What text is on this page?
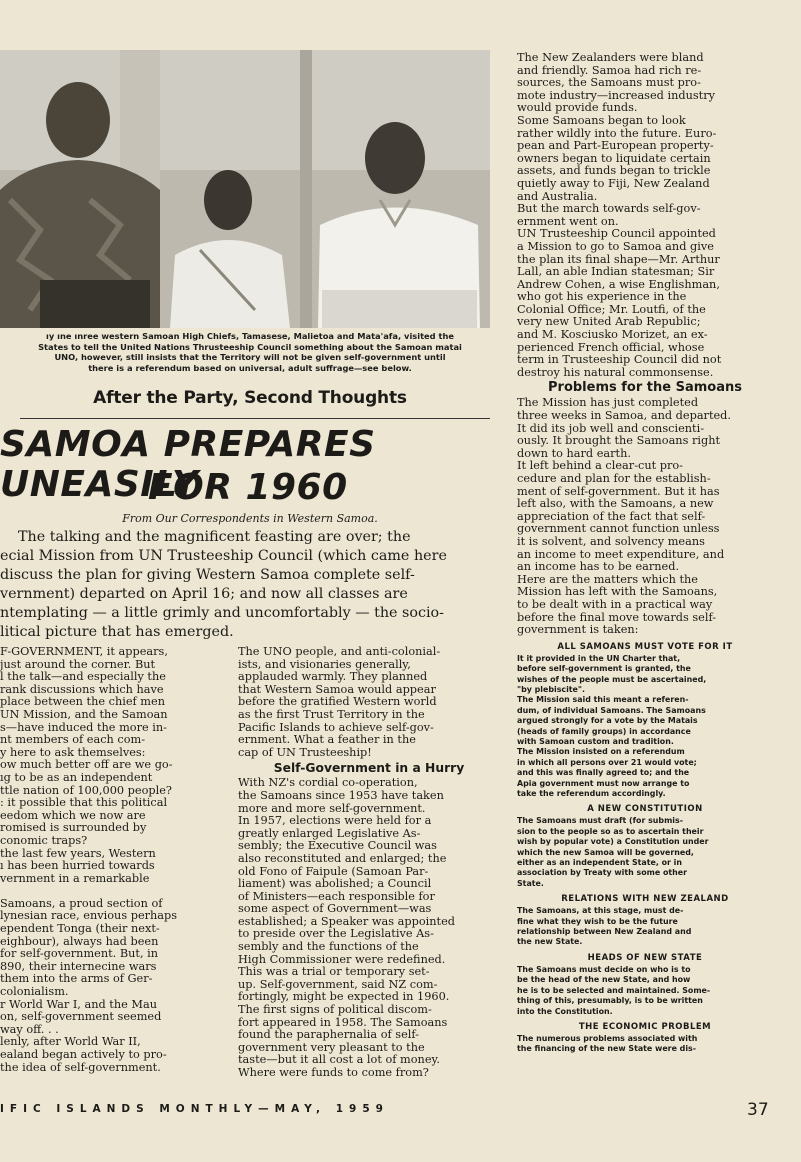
ıy ıne ınree western Samoan High Chiefs, Tamasese, Malietoa and Mata'afa, visited the
States to tell the United Nations Thrusteeship Council something about the Samoan matai
UNO, however, still insists that the Territory will not be given self-government until
there is a referendum based on universal, adult suffrage—see below.
After the Party, Second Thoughts
SAMOA PREPARES UNEASILY
FOR 1960
From Our Correspondents in Western Samoa.
The talking and the magnificent feasting are over; the
ecial Mission from UN Trusteeship Council (which came here
discuss the plan for giving Western Samoa complete self-
vernment) departed on April 16; and now all classes are
ntemplating — a little grimly and uncomfortably — the socio-
litical picture that has emerged.
F-GOVERNMENT, it appears,
just around the corner. But
l the talk—and especially the
rank discussions which have
place between the chief men
UN Mission, and the Samoan
s—have induced the more in-
nt members of each com-
y here to ask themselves:
ow much better off are we go-
ıg to be as an independent
ttle nation of 100,000 people?
: it possible that this political
eedom which we now are
romised is surrounded by
conomic traps?
the last few years, Western
ı has been hurried towards
vernment in a remarkable

Samoans, a proud section of
lynesian race, envious perhaps
ependent Tonga (their next-
eighbour), always had been
for self-government. But, in
890, their internecine wars
them into the arms of Ger-
colonialism.
r World War I, and the Mau
on, self-government seemed
way off. . .
lenly, after World War II,
ealand began actively to pro-
the idea of self-government.
The UNO people, and anti-colonial-
ists, and visionaries generally,
applauded warmly. They planned
that Western Samoa would appear
before the gratified Western world
as the first Trust Territory in the
Pacific Islands to achieve self-gov-
ernment. What a feather in the
cap of UN Trusteeship!
Self-Government in a Hurry
With NZ's cordial co-operation,
the Samoans since 1953 have taken
more and more self-government.
In 1957, elections were held for a
greatly enlarged Legislative As-
sembly; the Executive Council was
also reconstituted and enlarged; the
old Fono of Faipule (Samoan Par-
liament) was abolished; a Council
of Ministers—each responsible for
some aspect of Government—was
established; a Speaker was appointed
to preside over the Legislative As-
sembly and the functions of the
High Commissioner were redefined.
This was a trial or temporary set-
up. Self-government, said NZ com-
fortingly, might be expected in 1960.
The first signs of political discom-
fort appeared in 1958. The Samoans
found the paraphernalia of self-
government very pleasant to the
taste—but it all cost a lot of money.
Where were funds to come from?
The New Zealanders were bland
and friendly. Samoa had rich re-
sources, the Samoans must pro-
mote industry—increased industry
would provide funds.
Some Samoans began to look
rather wildly into the future. Euro-
pean and Part-European property-
owners began to liquidate certain
assets, and funds began to trickle
quietly away to Fiji, New Zealand
and Australia.
But the march towards self-gov-
ernment went on.
UN Trusteeship Council appointed
a Mission to go to Samoa and give
the plan its final shape—Mr. Arthur
Lall, an able Indian statesman; Sir
Andrew Cohen, a wise Englishman,
who got his experience in the
Colonial Office; Mr. Loutfi, of the
very new United Arab Republic;
and M. Kosciusko Morizet, an ex-
perienced French official, whose
term in Trusteeship Council did not
destroy his natural commonsense.
Problems for the Samoans
The Mission has just completed
three weeks in Samoa, and departed.
It did its job well and conscienti-
ously. It brought the Samoans right
down to hard earth.
It left behind a clear-cut pro-
cedure and plan for the establish-
ment of self-government. But it has
left also, with the Samoans, a new
appreciation of the fact that self-
government cannot function unless
it is solvent, and solvency means
an income to meet expenditure, and
an income has to be earned.
Here are the matters which the
Mission has left with the Samoans,
to be dealt with in a practical way
before the final move towards self-
government is taken:
ALL SAMOANS MUST VOTE FOR IT
It it provided in the UN Charter that,
before self-government is granted, the
wishes of the people must be ascertained,
"by plebiscite".
The Mission said this meant a referen-
dum, of individual Samoans. The Samoans
argued strongly for a vote by the Matais
(heads of family groups) in accordance
with Samoan custom and tradition.
The Mission insisted on a referendum
in which all persons over 21 would vote;
and this was finally agreed to; and the
Apia government must now arrange to
take the referendum accordingly.
A NEW CONSTITUTION
The Samoans must draft (for submis-
sion to the people so as to ascertain their
wish by popular vote) a Constitution under
which the new Samoa will be governed,
either as an independent State, or in
association by Treaty with some other
State.
RELATIONS WITH NEW ZEALAND
The Samoans, at this stage, must de-
fine what they wish to be the future
relationship between New Zealand and
the new State.
HEADS OF NEW STATE
The Samoans must decide on who is to
be the head of the new State, and how
he is to be selected and maintained. Some-
thing of this, presumably, is to be written
into the Constitution.
THE ECONOMIC PROBLEM
The numerous problems associated with
the financing of the new State were dis-
IFIC ISLANDS MONTHLY—MAY, 1959	37
